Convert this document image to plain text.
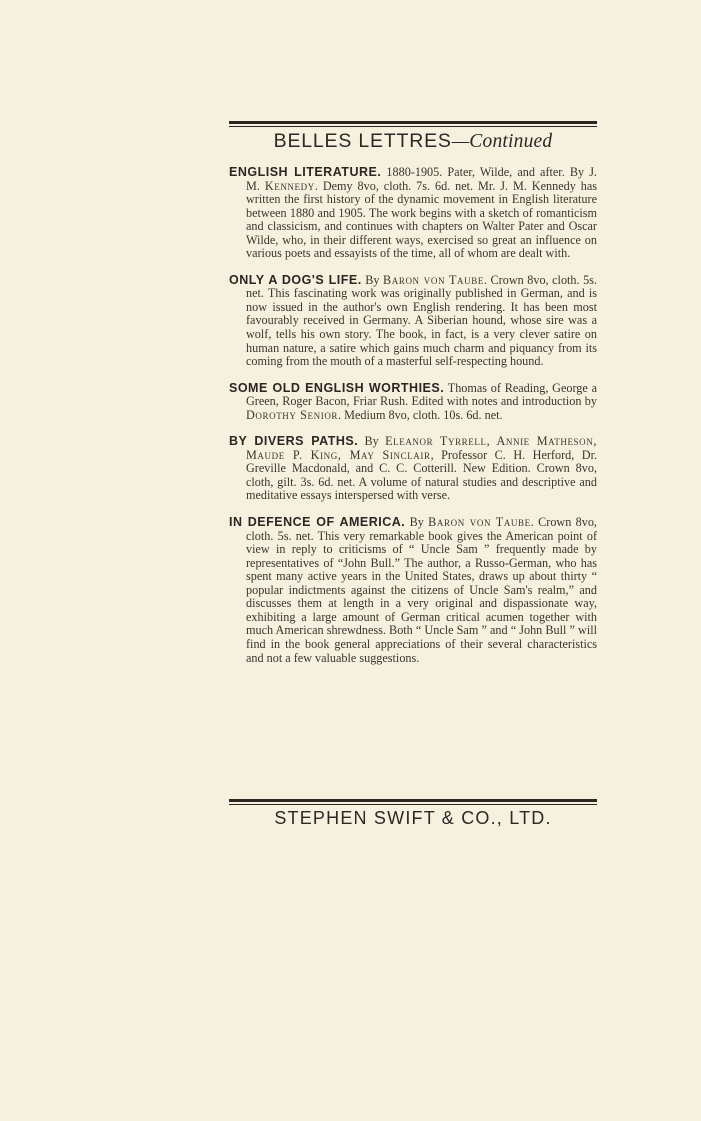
BELLES LETTRES—Continued
ENGLISH LITERATURE. 1880-1905. Pater, Wilde, and after. By J. M. Kennedy. Demy 8vo, cloth. 7s. 6d. net. Mr. J. M. Kennedy has written the first history of the dynamic movement in English literature between 1880 and 1905. The work begins with a sketch of romanticism and classicism, and continues with chapters on Walter Pater and Oscar Wilde, who, in their different ways, exercised so great an influence on various poets and essayists of the time, all of whom are dealt with.
ONLY A DOG'S LIFE. By Baron von Taube. Crown 8vo, cloth. 5s. net. This fascinating work was originally published in German, and is now issued in the author's own English rendering. It has been most favourably received in Germany. A Siberian hound, whose sire was a wolf, tells his own story. The book, in fact, is a very clever satire on human nature, a satire which gains much charm and piquancy from its coming from the mouth of a masterful self-respecting hound.
SOME OLD ENGLISH WORTHIES. Thomas of Reading, George a Green, Roger Bacon, Friar Rush. Edited with notes and introduction by Dorothy Senior. Medium 8vo, cloth. 10s. 6d. net.
BY DIVERS PATHS. By Eleanor Tyrrell, Annie Matheson, Maude P. King, May Sinclair, Professor C. H. Herford, Dr. Greville Macdonald, and C. C. Cotterill. New Edition. Crown 8vo, cloth, gilt. 3s. 6d. net. A volume of natural studies and descriptive and meditative essays interspersed with verse.
IN DEFENCE OF AMERICA. By Baron von Taube. Crown 8vo, cloth. 5s. net. This very remarkable book gives the American point of view in reply to criticisms of “ Uncle Sam ” frequently made by representatives of “John Bull.” The author, a Russo-German, who has spent many active years in the United States, draws up about thirty “ popular indictments against the citizens of Uncle Sam's realm,” and discusses them at length in a very original and dispassionate way, exhibiting a large amount of German critical acumen together with much American shrewdness. Both “ Uncle Sam ” and “ John Bull ” will find in the book general appreciations of their several characteristics and not a few valuable suggestions.
STEPHEN SWIFT & CO., LTD.
